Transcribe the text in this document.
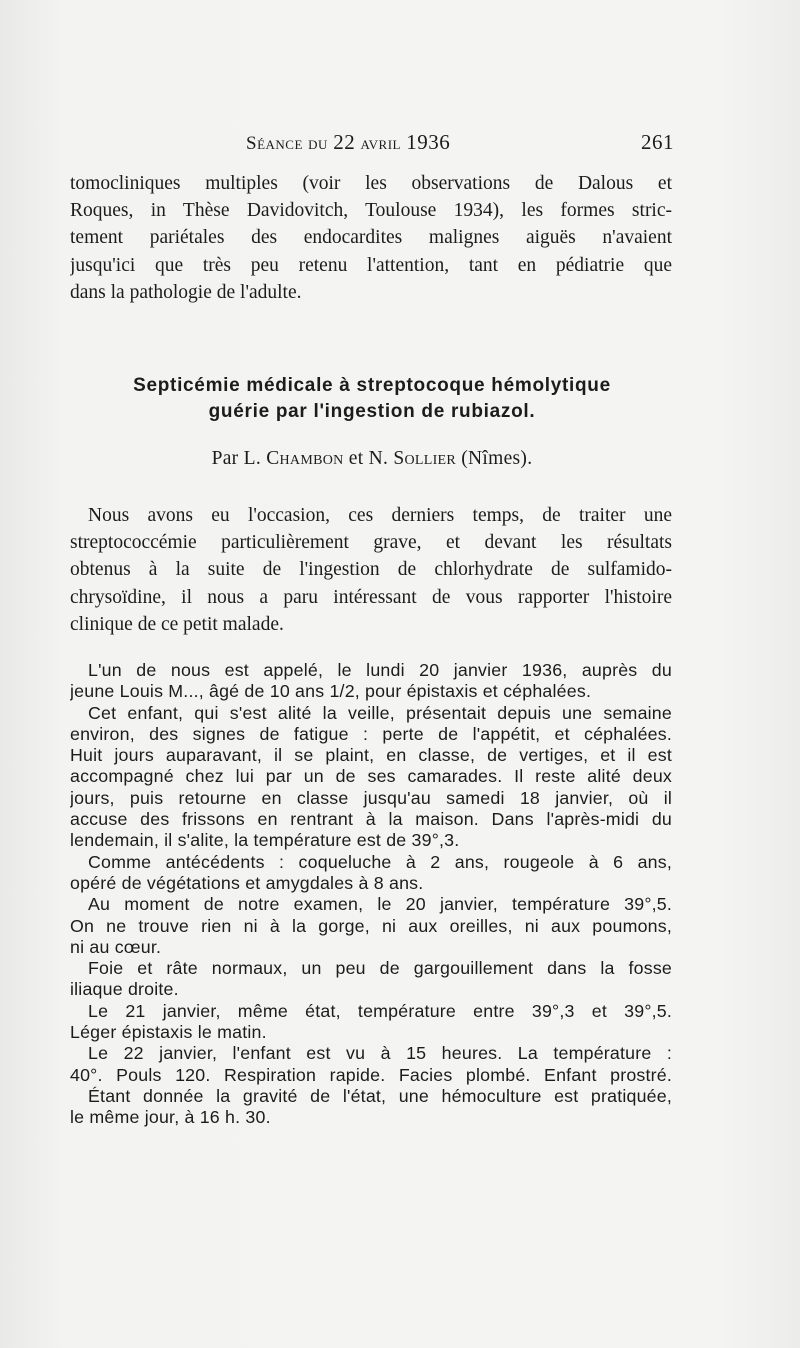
Séance du 22 avril 1936	261
tomocliniques multiples (voir les observations de Dalous et
Roques, in Thèse Davidovitch, Toulouse 1934), les formes stric-
tement pariétales des endocardites malignes aiguës n'avaient
jusqu'ici que très peu retenu l'attention, tant en pédiatrie que
dans la pathologie de l'adulte.
Septicémie médicale à streptocoque hémolytique
guérie par l'ingestion de rubiazol.
Par L. Chambon et N. Sollier (Nîmes).
Nous avons eu l'occasion, ces derniers temps, de traiter une
streptococcémie particulièrement grave, et devant les résultats
obtenus à la suite de l'ingestion de chlorhydrate de sulfamido-
chrysoïdine, il nous a paru intéressant de vous rapporter l'histoire
clinique de ce petit malade.
L'un de nous est appelé, le lundi 20 janvier 1936, auprès du
jeune Louis M..., âgé de 10 ans 1/2, pour épistaxis et céphalées.
Cet enfant, qui s'est alité la veille, présentait depuis une semaine
environ, des signes de fatigue : perte de l'appétit, et céphalées.
Huit jours auparavant, il se plaint, en classe, de vertiges, et il est
accompagné chez lui par un de ses camarades. Il reste alité deux
jours, puis retourne en classe jusqu'au samedi 18 janvier, où il
accuse des frissons en rentrant à la maison. Dans l'après-midi du
lendemain, il s'alite, la température est de 39°,3.
Comme antécédents : coqueluche à 2 ans, rougeole à 6 ans,
opéré de végétations et amygdales à 8 ans.
Au moment de notre examen, le 20 janvier, température 39°,5.
On ne trouve rien ni à la gorge, ni aux oreilles, ni aux poumons,
ni au cœur.
Foie et râte normaux, un peu de gargouillement dans la fosse
iliaque droite.
Le 21 janvier, même état, température entre 39°,3 et 39°,5.
Léger épistaxis le matin.
Le 22 janvier, l'enfant est vu à 15 heures. La température :
40°. Pouls 120. Respiration rapide. Facies plombé. Enfant prostré.
Étant donnée la gravité de l'état, une hémoculture est pratiquée,
le même jour, à 16 h. 30.
